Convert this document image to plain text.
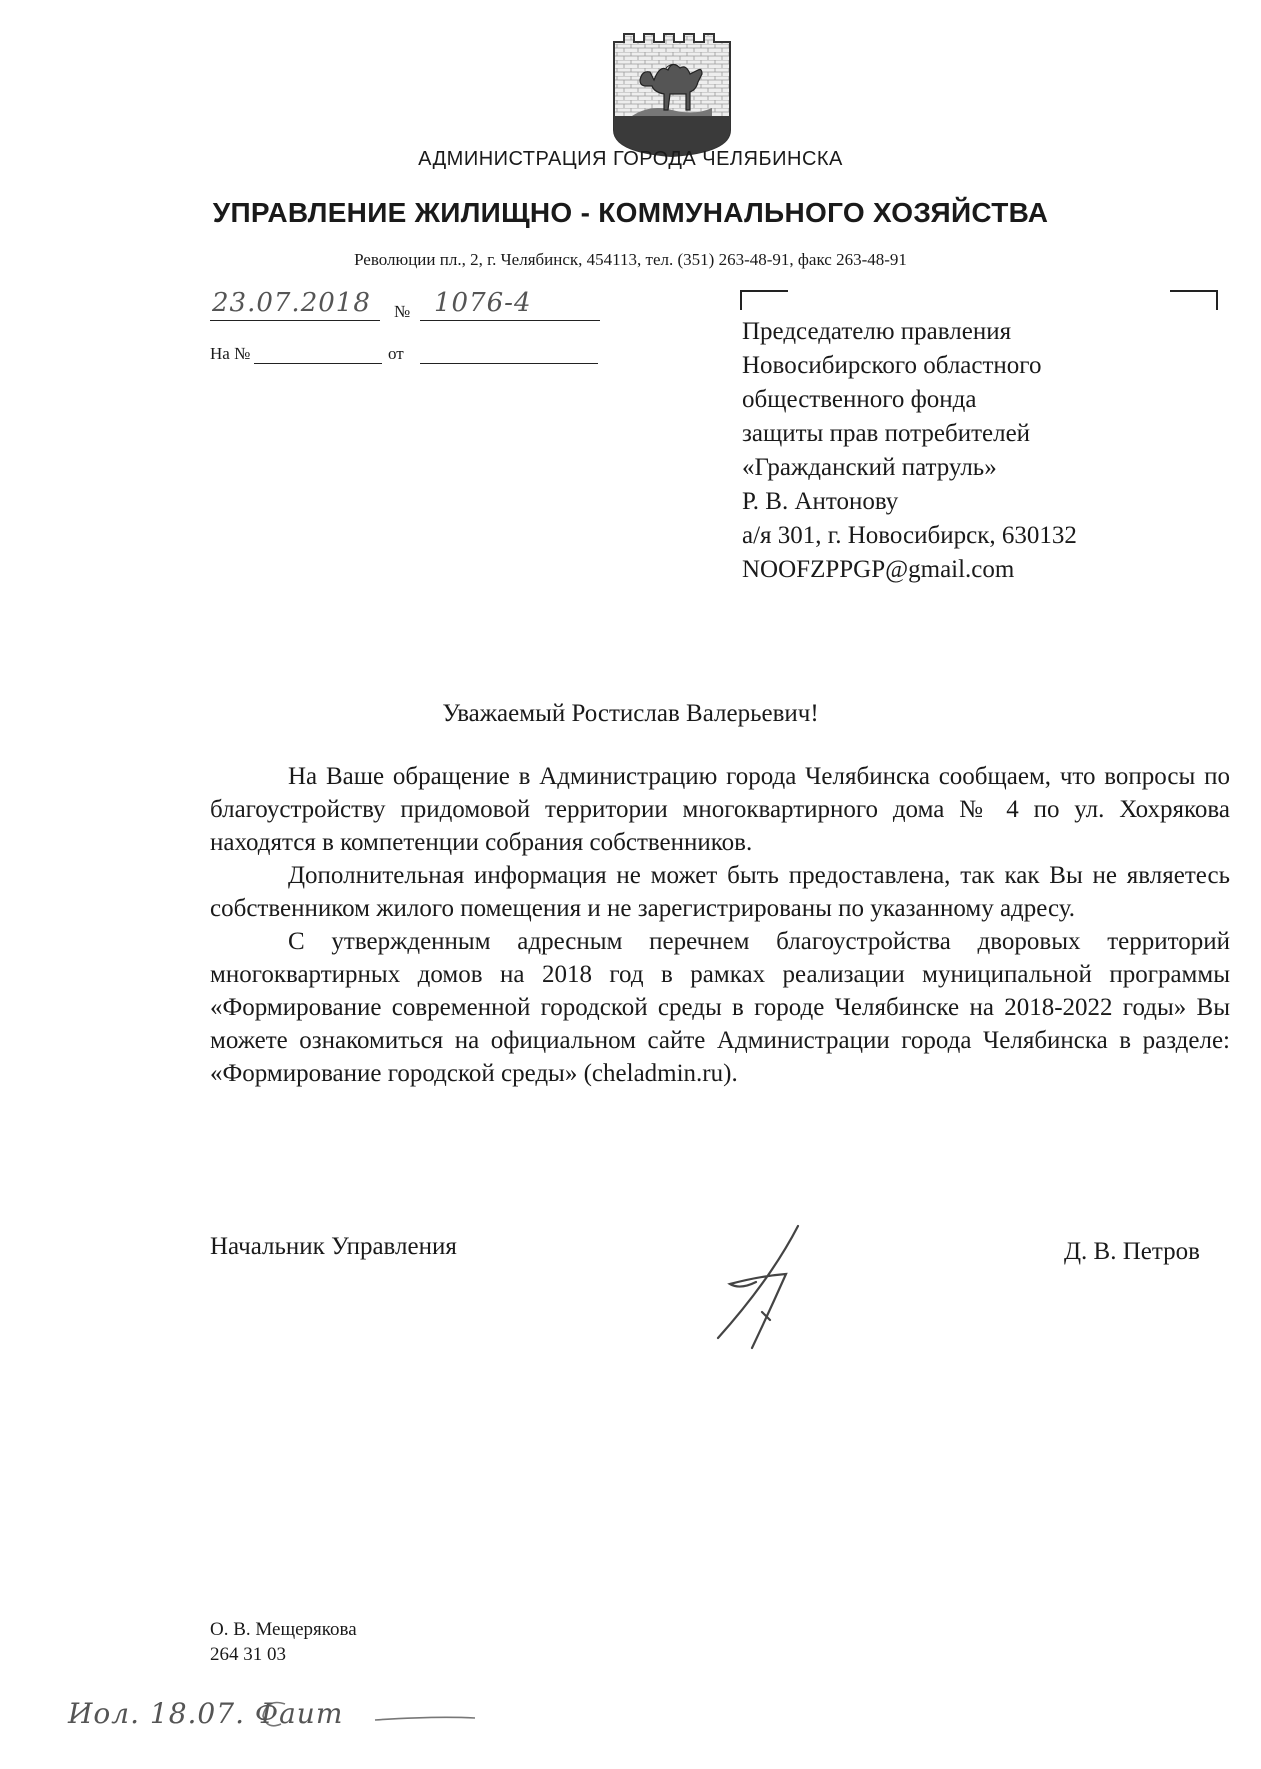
АДМИНИСТРАЦИЯ ГОРОДА ЧЕЛЯБИНСКА
УПРАВЛЕНИЕ ЖИЛИЩНО - КОММУНАЛЬНОГО ХОЗЯЙСТВА
Революции пл., 2, г. Челябинск, 454113, тел. (351) 263-48-91, факс 263-48-91
23.07.2018 № 1076-4
На №	от
Председателю правления
Новосибирского областного
общественного фонда
защиты прав потребителей
«Гражданский патруль»
Р. В. Антонову
а/я 301, г. Новосибирск, 630132
NOOFZPPGP@gmail.com
Уважаемый Ростислав Валерьевич!

На Ваше обращение в Администрацию города Челябинска сообщаем, что вопросы по благоустройству придомовой территории многоквартирного дома № 4 по ул. Хохрякова находятся в компетенции собрания собственников.

Дополнительная информация не может быть предоставлена, так как Вы не являетесь собственником жилого помещения и не зарегистрированы по указанному адресу.

С утвержденным адресным перечнем благоустройства дворовых территорий многоквартирных домов на 2018 год в рамках реализации муниципальной программы «Формирование современной городской среды в городе Челябинске на 2018-2022 годы» Вы можете ознакомиться на официальном сайте Администрации города Челябинска в разделе: «Формирование городской среды» (cheladmin.ru).

Начальник Управления	Д. В. Петров
О. В. Мещерякова
264 31 03
Иол. 18.07. Фаит
